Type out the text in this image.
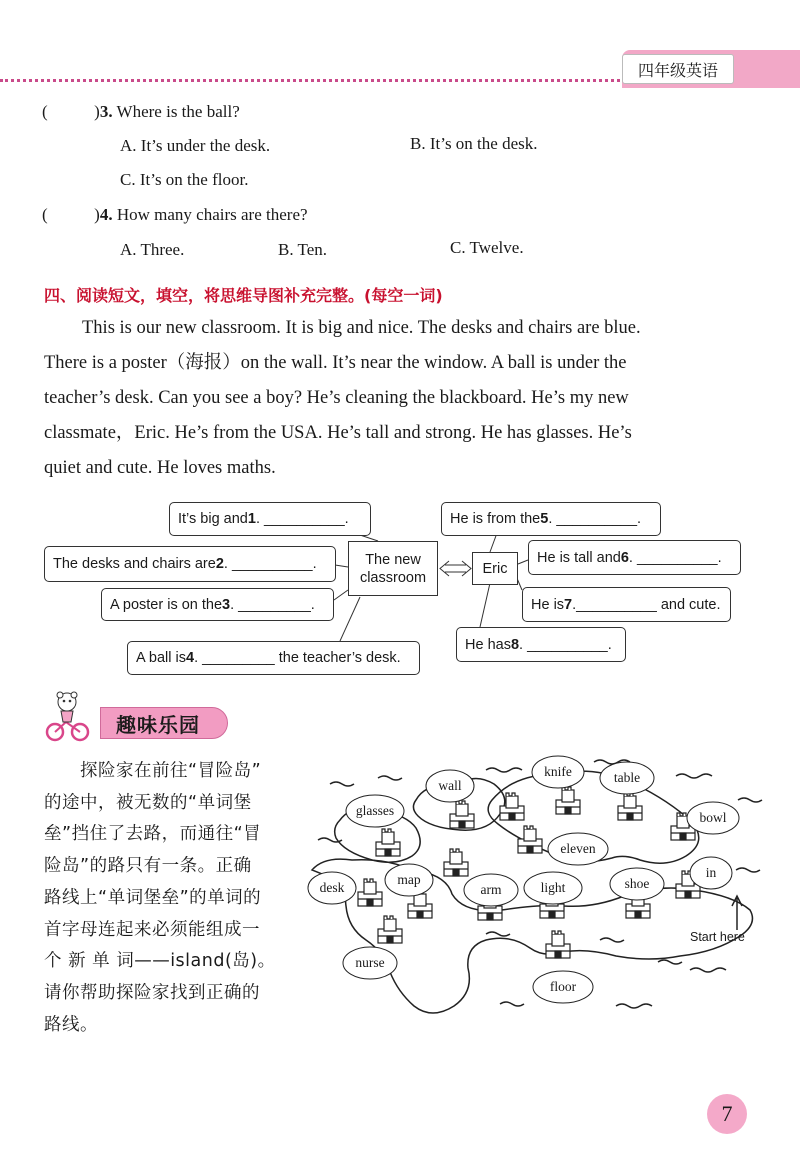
四年级英语
(	)3. Where is the ball?
A. It’s under the desk.	B. It’s on the desk.
C. It’s on the floor.
(	)4. How many chairs are there?
A. Three.	B. Ten.	C. Twelve.
四、阅读短文，填空，将思维导图补充完整。(每空一词)
This is our new classroom. It is big and nice. The desks and chairs are blue.
There is a poster（海报）on the wall. It’s near the window. A ball is under the
teacher’s desk. Can you see a boy? He’s cleaning the blackboard. He’s my new
classmate，Eric. He’s from the USA. He’s tall and strong. He has glasses. He’s
quiet and cute. He loves maths.
It’s big and 1 . __________.
The desks and chairs are 2 . __________.
A poster is on the 3 . _________.
A ball is 4 . _________ the teacher’s desk.
The new classroom
Eric
He is from the 5 . __________.
He is tall and 6 . __________.
He is 7 .__________ and cute.
He has 8 . __________.
趣味乐园
探险家在前往“冒险岛”
的途中，被无数的“单词堡
垒”挡住了去路，而通往“冒
险岛”的路只有一条。正确
路线上“单词堡垒”的单词的
首字母连起来必须能组成一
个 新 单 词——island(岛)。
请你帮助探险家找到正确的
路线。
wall
knife	table
glasses	bowl
eleven
desk
map
arm	light	shoe
in
nurse
floor
Start here
7
